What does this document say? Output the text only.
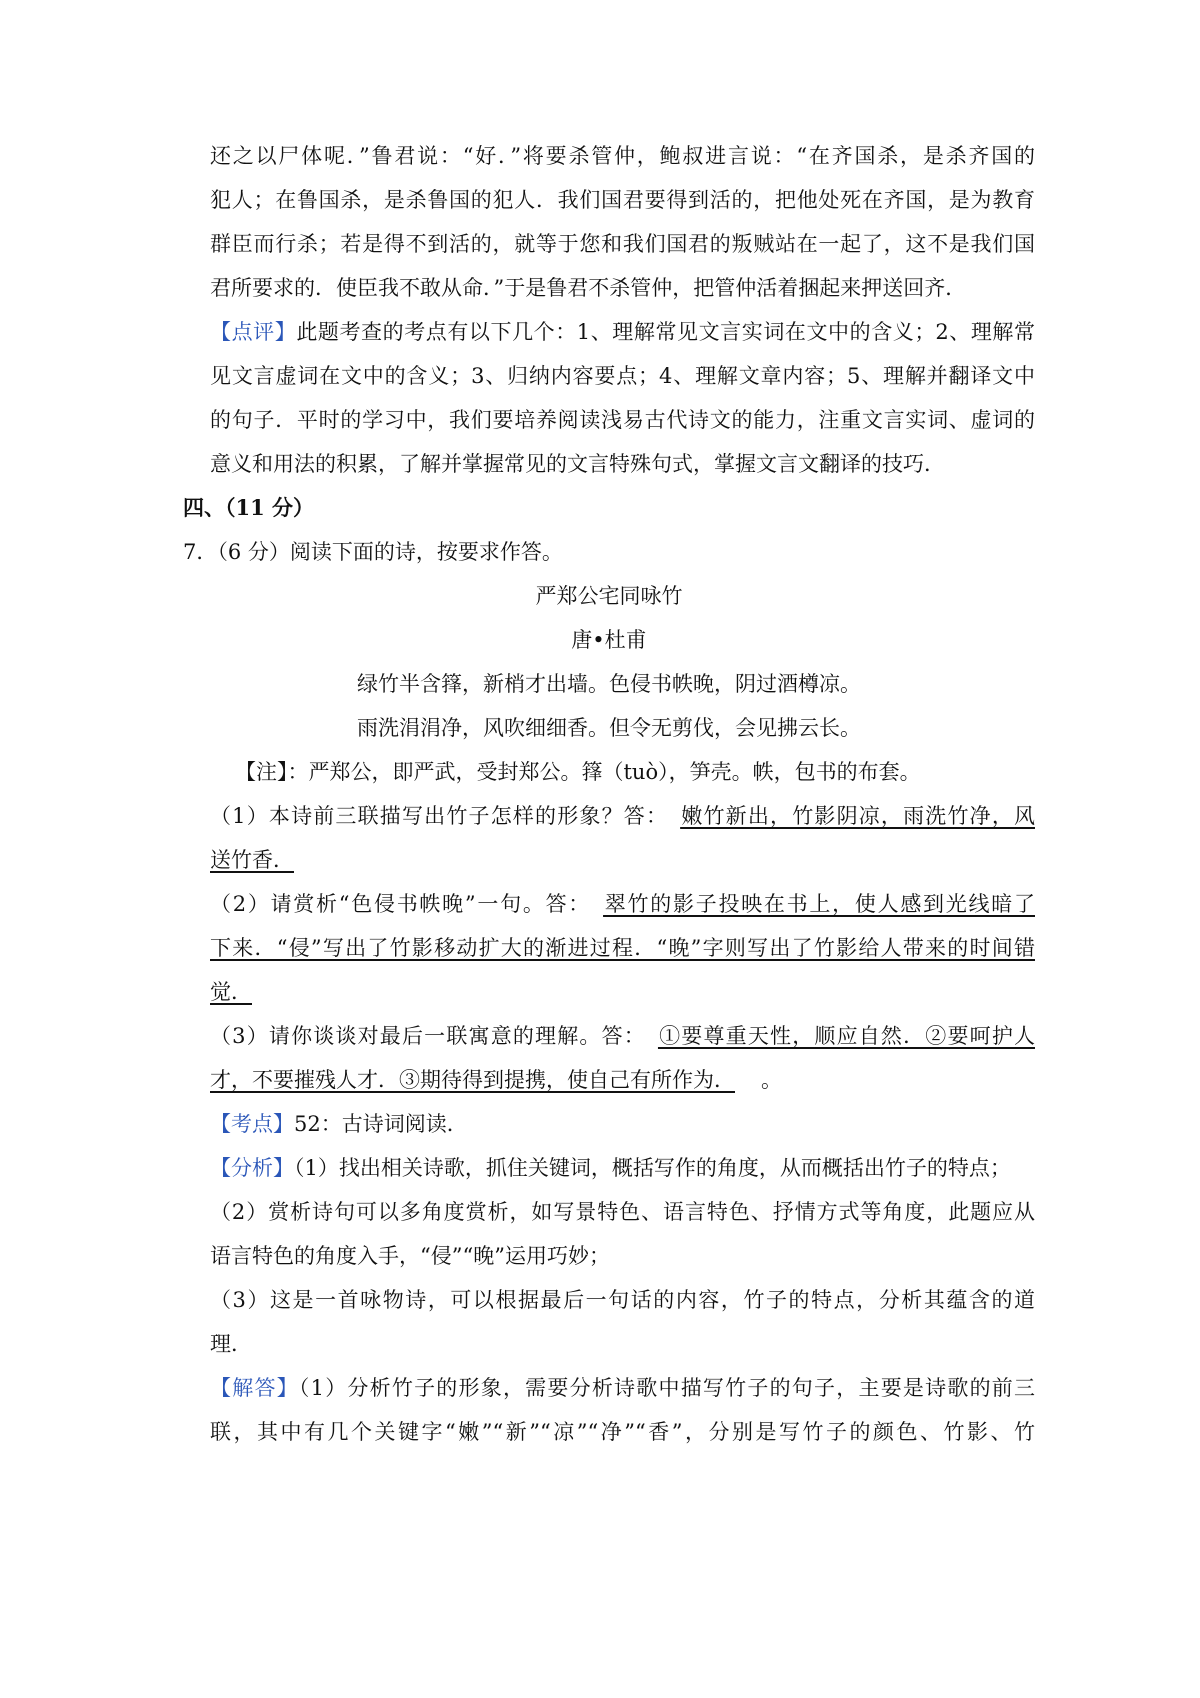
还之以尸体呢．”鲁君说：“好．”将要杀管仲，鲍叔进言说：“在齐国杀，是杀齐国的
犯人；在鲁国杀，是杀鲁国的犯人．我们国君要得到活的，把他处死在齐国，是为教育
群臣而行杀；若是得不到活的，就等于您和我们国君的叛贼站在一起了，这不是我们国
君所要求的．使臣我不敢从命．”于是鲁君不杀管仲，把管仲活着捆起来押送回齐．
【点评】此题考查的考点有以下几个：1、理解常见文言实词在文中的含义；2、理解常
见文言虚词在文中的含义；3、归纳内容要点；4、理解文章内容；5、理解并翻译文中
的句子．平时的学习中，我们要培养阅读浅易古代诗文的能力，注重文言实词、虚词的
意义和用法的积累，了解并掌握常见的文言特殊句式，掌握文言文翻译的技巧．
四、（11 分）
7．（6 分）阅读下面的诗，按要求作答。
严郑公宅同咏竹
唐•杜甫
绿竹半含箨，新梢才出墙。色侵书帙晚，阴过酒樽凉。
雨洗涓涓净，风吹细细香。但令无剪伐，会见拂云长。
【注】：严郑公，即严武，受封郑公。箨（tuò），笋壳。帙，包书的布套。
（1）本诗前三联描写出竹子怎样的形象？答： 嫩竹新出，竹影阴凉，雨洗竹净，风
送竹香．
（2）请赏析“色侵书帙晚”一句。答： 翠竹的影子投映在书上，使人感到光线暗了
下来．“侵”写出了竹影移动扩大的渐进过程．“晚”字则写出了竹影给人带来的时间错
觉．
（3）请你谈谈对最后一联寓意的理解。答： ①要尊重天性，顺应自然．②要呵护人
才，不要摧残人才．③期待得到提携，使自己有所作为． 。
【考点】52：古诗词阅读．
【分析】（1）找出相关诗歌，抓住关键词，概括写作的角度，从而概括出竹子的特点；
（2）赏析诗句可以多角度赏析，如写景特色、语言特色、抒情方式等角度，此题应从
语言特色的角度入手，“侵”“晚”运用巧妙；
（3）这是一首咏物诗，可以根据最后一句话的内容，竹子的特点，分析其蕴含的道
理．
【解答】（1）分析竹子的形象，需要分析诗歌中描写竹子的句子，主要是诗歌的前三
联，其中有几个关键字“嫩”“新”“凉”“净”“香”，分别是写竹子的颜色、竹影、竹
